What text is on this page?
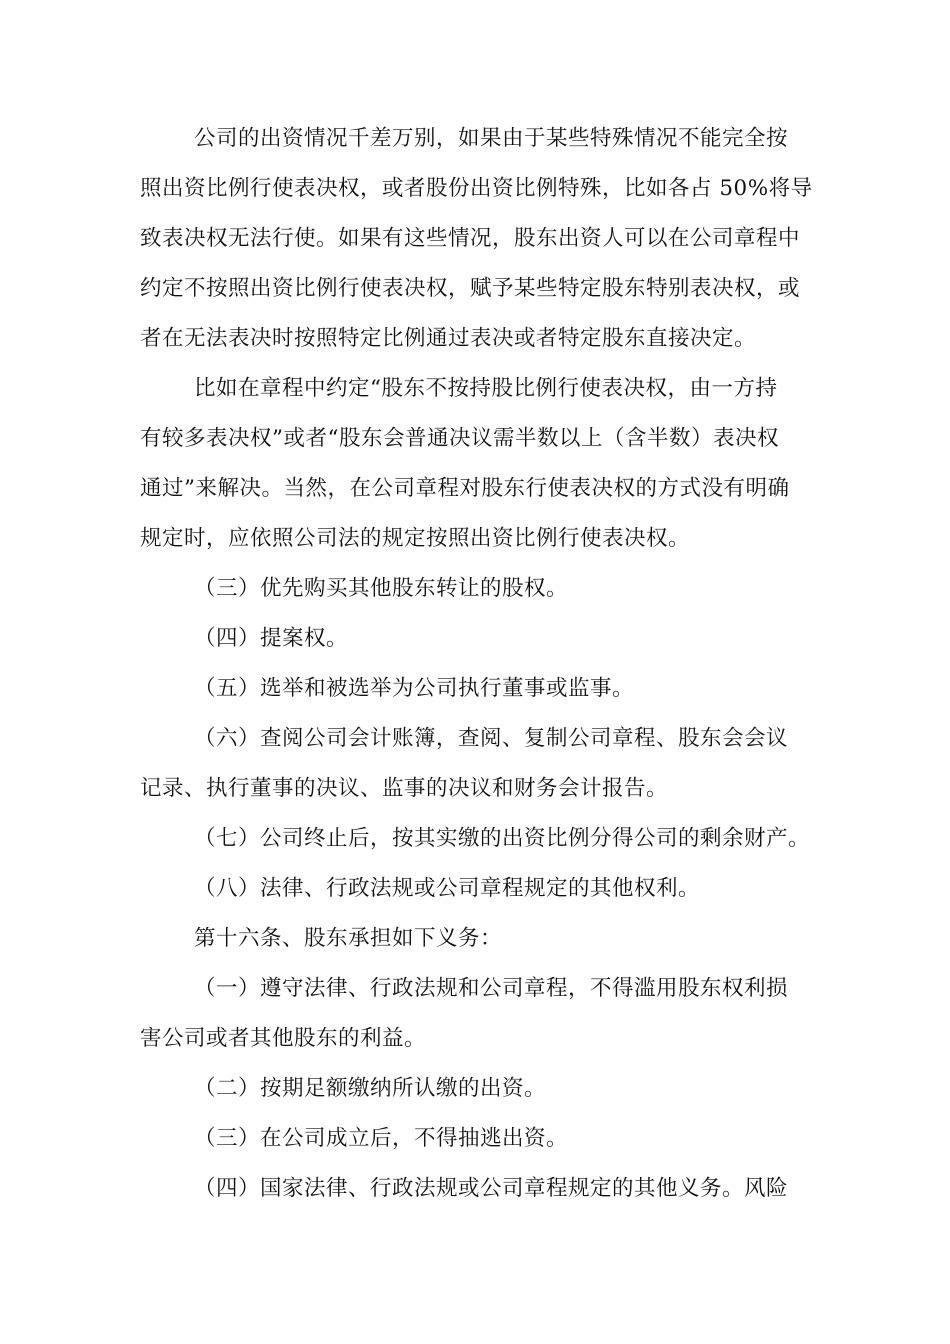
公司的出资情况千差万别，如果由于某些特殊情况不能完全按
照出资比例行使表决权，或者股份出资比例特殊，比如各占 50%将导
致表决权无法行使。如果有这些情况，股东出资人可以在公司章程中
约定不按照出资比例行使表决权，赋予某些特定股东特别表决权，或
者在无法表决时按照特定比例通过表决或者特定股东直接决定。
比如在章程中约定“股东不按持股比例行使表决权，由一方持
有较多表决权”或者“股东会普通决议需半数以上（含半数）表决权
通过”来解决。当然，在公司章程对股东行使表决权的方式没有明确
规定时，应依照公司法的规定按照出资比例行使表决权。
（三）优先购买其他股东转让的股权。
（四）提案权。
（五）选举和被选举为公司执行董事或监事。
（六）查阅公司会计账簿，查阅、复制公司章程、股东会会议
记录、执行董事的决议、监事的决议和财务会计报告。
（七）公司终止后，按其实缴的出资比例分得公司的剩余财产。
（八）法律、行政法规或公司章程规定的其他权利。
第十六条、股东承担如下义务：
（一）遵守法律、行政法规和公司章程，不得滥用股东权利损
害公司或者其他股东的利益。
（二）按期足额缴纳所认缴的出资。
（三）在公司成立后，不得抽逃出资。
（四）国家法律、行政法规或公司章程规定的其他义务。风险
